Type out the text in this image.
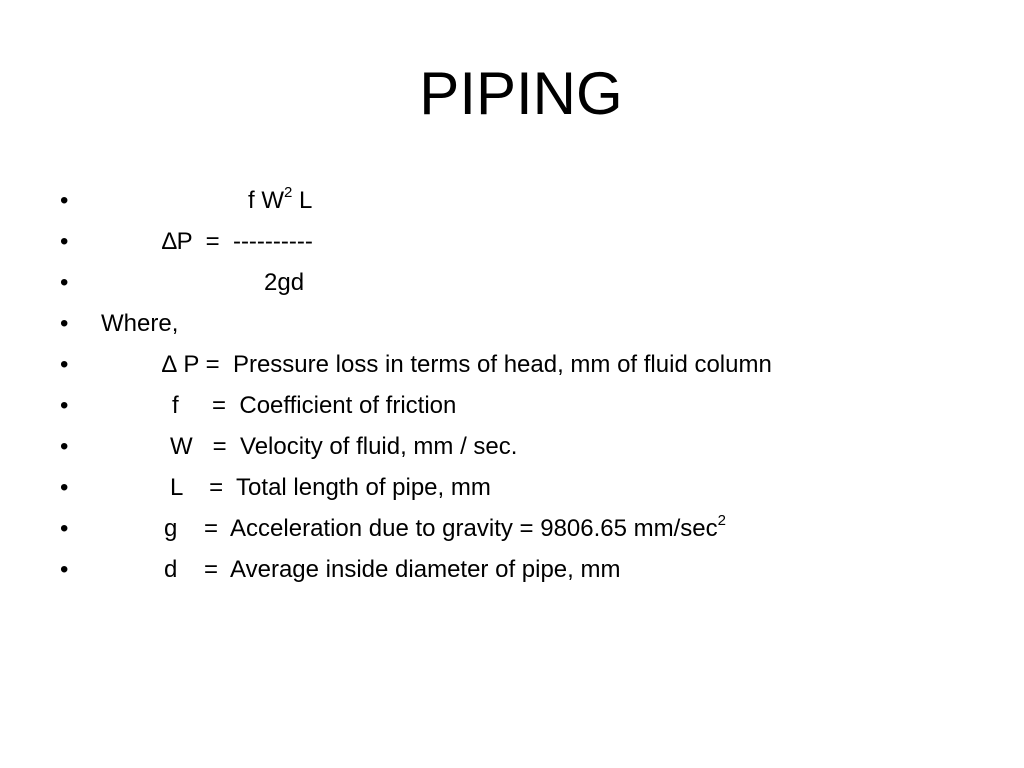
PIPING

•

	f $W^2$ L

•

	∆P  =  ----------

•

	2gd

•

Where,

•

	∆ P =  Pressure loss in terms of head, mm of fluid column

•

	f     =  Coefficient of friction

•

	W   =  Velocity of fluid, mm / sec.

•

	L    =  Total length of pipe, mm

•

	g    =  Acceleration due to gravity = 9806.65 $mm/\sec^2$

•

	d    =  Average inside diameter of pipe, mm
